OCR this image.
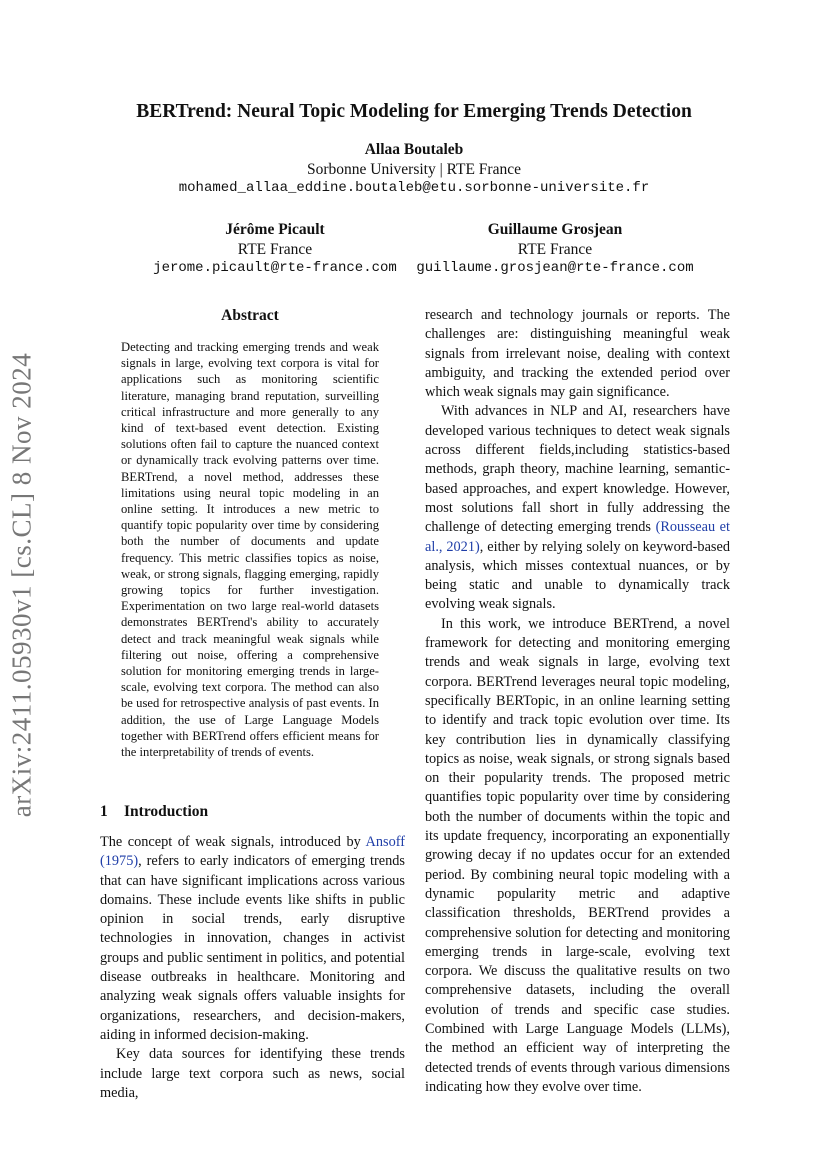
arXiv:2411.05930v1 [cs.CL] 8 Nov 2024
BERTrend: Neural Topic Modeling for Emerging Trends Detection
Allaa Boutaleb
Sorbonne University | RTE France
mohamed_allaa_eddine.boutaleb@etu.sorbonne-universite.fr
Jérôme Picault
RTE France
jerome.picault@rte-france.com
Guillaume Grosjean
RTE France
guillaume.grosjean@rte-france.com
Abstract

Detecting and tracking emerging trends and weak signals in large, evolving text corpora is vital for applications such as monitoring scientific literature, managing brand reputation, surveilling critical infrastructure and more generally to any kind of text-based event detection. Existing solutions often fail to capture the nuanced context or dynamically track evolving patterns over time. BERTrend, a novel method, addresses these limitations using neural topic modeling in an online setting. It introduces a new metric to quantify topic popularity over time by considering both the number of documents and update frequency. This metric classifies topics as noise, weak, or strong signals, flagging emerging, rapidly growing topics for further investigation. Experimentation on two large real-world datasets demonstrates BERTrend's ability to accurately detect and track meaningful weak signals while filtering out noise, offering a comprehensive solution for monitoring emerging trends in large-scale, evolving text corpora. The method can also be used for retrospective analysis of past events. In addition, the use of Large Language Models together with BERTrend offers efficient means for the interpretability of trends of events.

1 Introduction

The concept of weak signals, introduced by Ansoff (1975), refers to early indicators of emerging trends that can have significant implications across various domains. These include events like shifts in public opinion in social trends, early disruptive technologies in innovation, changes in activist groups and public sentiment in politics, and potential disease outbreaks in healthcare. Monitoring and analyzing weak signals offers valuable insights for organizations, researchers, and decision-makers, aiding in informed decision-making.

Key data sources for identifying these trends include large text corpora such as news, social media,

research and technology journals or reports. The challenges are: distinguishing meaningful weak signals from irrelevant noise, dealing with context ambiguity, and tracking the extended period over which weak signals may gain significance.

With advances in NLP and AI, researchers have developed various techniques to detect weak signals across different fields,including statistics-based methods, graph theory, machine learning, semantic-based approaches, and expert knowledge. However, most solutions fall short in fully addressing the challenge of detecting emerging trends (Rousseau et al., 2021), either by relying solely on keyword-based analysis, which misses contextual nuances, or by being static and unable to dynamically track evolving weak signals.

In this work, we introduce BERTrend, a novel framework for detecting and monitoring emerging trends and weak signals in large, evolving text corpora. BERTrend leverages neural topic modeling, specifically BERTopic, in an online learning setting to identify and track topic evolution over time. Its key contribution lies in dynamically classifying topics as noise, weak signals, or strong signals based on their popularity trends. The proposed metric quantifies topic popularity over time by considering both the number of documents within the topic and its update frequency, incorporating an exponentially growing decay if no updates occur for an extended period. By combining neural topic modeling with a dynamic popularity metric and adaptive classification thresholds, BERTrend provides a comprehensive solution for detecting and monitoring emerging trends in large-scale, evolving text corpora. We discuss the qualitative results on two comprehensive datasets, including the overall evolution of trends and specific case studies. Combined with Large Language Models (LLMs), the method an efficient way of interpreting the detected trends of events through various dimensions indicating how they evolve over time.
